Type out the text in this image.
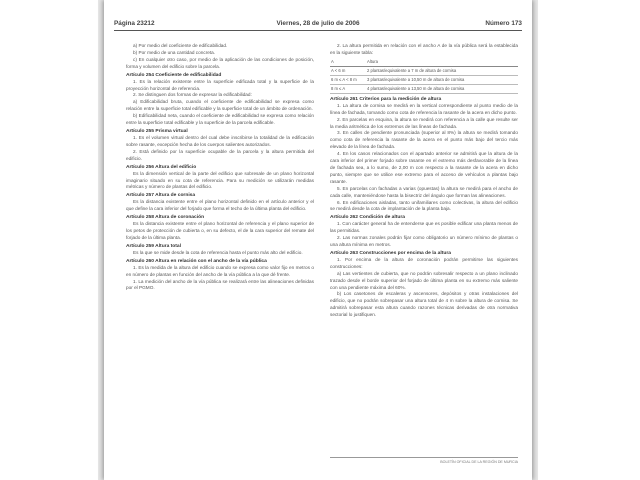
Página 23212	Viernes, 28 de julio de 2006	Número 173

a) Por medio del coeficiente de edificabilidad.

b) Por medio de una cantidad concreta.

c) En cualquier otro caso, por medio de la aplicación de las condiciones de posición, forma y volumen del edificio sobre la parcela.

Artículo 254 Coeficiente de edificabilidad

1. Es la relación existente entre la superficie edificada total y la superficie de la proyección horizontal de referencia.

2. Se distinguen dos formas de expresar la edificabilidad:

a) Edificabilidad bruta, cuando el coeficiente de edificabilidad se expresa como relación entre la superficie total edificable y la superficie total de un ámbito de ordenación.

b) Edificabilidad neta, cuando el coeficiente de edificabilidad se expresa como relación entre la superficie total edificable y la superficie de la parcela edificable.

Artículo 255 Prisma virtual

1. Es el volumen virtual dentro del cual debe inscribirse la totalidad de la edificación sobre rasante, excepción hecha de los cuerpos salientes autorizados.

2. Está definido por la superficie ocupable de la parcela y la altura permitida del edificio.

Artículo 256 Altura del edificio

Es la dimensión vertical de la parte del edificio que sobresale de un plano horizontal imaginario situado en su cota de referencia. Para su medición se utilizarán medidas métricas y número de plantas del edificio.

Artículo 257 Altura de cornisa

Es la distancia existente entre el plano horizontal definido en el artículo anterior y el que define la cara inferior del forjado que forma el techo de la última planta del edificio.

Artículo 258 Altura de coronación

Es la distancia existente entre el plano horizontal de referencia y el plano superior de los petos de protección de cubierta o, en su defecto, el de la cara superior del remate del forjado de la última planta.

Artículo 259 Altura total

Es la que se mide desde la cota de referencia hasta el punto más alto del edificio.

Artículo 260 Altura en relación con el ancho de la vía pública

1. Es la medida de la altura del edificio cuando se expresa como valor fijo en metros o en número de plantas en función del ancho de la vía pública a la que dé frente.

1. La medición del ancho de la vía pública se realizará entre las alineaciones definidas por el PGMO.

2. La altura permitida en relación con el ancho A de la vía pública será la establecida en la siguiente tabla:

A	Altura
A < 6 m	2 plantas/equivalente a 7 m de altura de cornisa
6 m ≤ A < 8 m	3 plantas/equivalente a 10,50 m de altura de cornisa
8 m ≤ A	4 plantas/equivalente a 13,50 m de altura de cornisa
Artículo 261 Criterios para la medición de altura

1. La altura de cornisa se medirá en la vertical correspondiente al punto medio de la línea de fachada, tomando como cota de referencia la rasante de la acera en dicho punto.

2. En parcelas en esquina, la altura se medirá con referencia a la calle que resulte ser la media aritmética de los extremos de las líneas de fachada.

3. En calles de pendiente pronunciada (superior al 8%) la altura se medirá tomando como cota de referencia la rasante de la acera en el punto más bajo del tercio más elevado de la línea de fachada.

4. En los casos relacionados con el apartado anterior se admitirá que la altura de la cara inferior del primer forjado sobre rasante en el extremo más desfavorable de la línea de fachada sea, a lo sumo, de 2,00 m con respecto a la rasante de la acera en dicho punto, siempre que se utilice ese extremo para el acceso de vehículos a plantas bajo rasante.

5. En parcelas con fachadas a varias (opuestas) la altura se medirá para el ancho de cada calle, manteniéndose hasta la bisectriz del ángulo que forman las alineaciones.

6. En edificaciones aisladas, tanto unifamiliares como colectivas, la altura del edificio se medirá desde la cota de implantación de la planta baja.

Artículo 262 Condición de altura

1. Con carácter general ha de entenderse que es posible edificar una planta menos de las permitidas.

2. Las normas zonales podrán fijar como obligatorio un número mínimo de plantas o una altura mínima en metros.

Artículo 263 Construcciones por encima de la altura

1. Por encima de la altura de coronación podrán permitirse las siguientes construcciones:

a) Las vertientes de cubierta, que no podrán sobresalir respecto a un plano inclinado trazado desde el borde superior del forjado de última planta en su extremo más saliente con una pendiente máxima del 60%.

b) Los casetones de escaleras y ascensores, depósitos y otras instalaciones del edificio, que no podrán sobrepasar una altura total de 4 m sobre la altura de cornisa. Se admitirá sobrepasar esta altura cuando razones técnicas derivadas de otra normativa sectorial lo justifiquen.

BOLETÍN OFICIAL DE LA REGIÓN DE MURCIA
